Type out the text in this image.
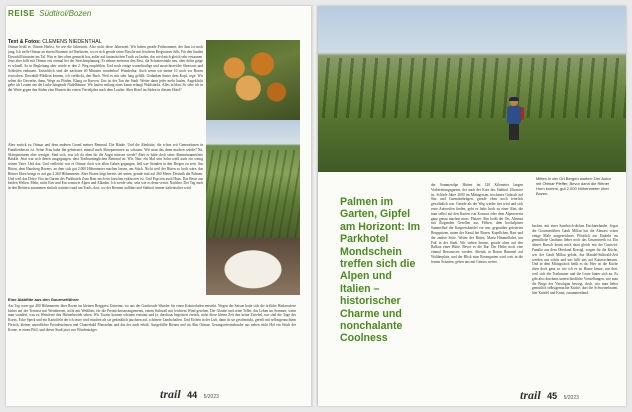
REISE Südtirol/Bozen
Text & Fotos: CLEMENS NIEDENTHAL
Ottmar heißt er, Ottmar Herbst. So wie die Jahreszeit. Also nicht diese Jahreszeit. Wir haben gerade Frühsommer, der Juni ist noch jung. Ich treffe Ottmar an einem Brunnen in Oberbozen, wo er sich gerade seine Flasche mit frischem Bergwasser füllt. Für den finalen Downhill hinunter ins Tal. Was er hier oben gemacht hat, außer auf fantastischen Trails zu laufen, das wird mich gleich sehr erstaunen. Jetzt aber hilft mir Ottmar erst einmal bei der Streckenplanung. Er nehme meistens den Rest, die Schotterstraße neu, aber dafür ginge es schnell. So in Begleitung aber würde er den 2. Weg empfehlen. Und noch einige wurzeltrailige und aussichtsreiche Shortcuts und Schleifen einbauen. Tatsächlich sind die nächsten 40 Minuten wunderbar! Wunderbar. Auch wenn wir meine 10 noch vor Bozen erwischen. Downhill-Pfädlein kennen, ich verblickt, den Bach. Weil es mir sehr lang gefällt. Gedanken hinter dem Kopf, rege. Wir sehen die Gewerbe, dann, Wege zu Pfaden. Klang zu Kurven. Uns ist der Ton der Stadt. Weiter dann jeder mehr laufen. Angeklickt gebe ich Leuten um die Linke hängende Nadelbäume. Wir laufen entlang eines kaum erlangt Waldstücks. Alles in blau. So sehe ich in der Weite gegen den Süden eine Ebenen der ersten Vierteljahrs nach dem Laufen: Aber Hotel im Süden in diesem Hotel?
Aber zurück zu Ottmar und dem anderen Grund meiner Rennrad. Die Bänke. Und die Almhütte, die schon seit Generationen in Familienbesitz ist. Seine Frau habe ihn geheiratet, einmal nach Skireparaturen zu schauen. Wie man das denn machen würde? Na, Skireparaturen eher weniger. Sind sich, was ich da oben für die Angst müssen werde? Aber er hätte doch seine Almmitmannsfreie Bänkle. Jetzt war sich denen ausgegangen, dass Trailrunninglichen Rennrad ist: Wir. Nun: ein Mal sein Sohn weiß auch ein wenig seinen Vater. Und das: Und vielleicht war es Ottmar doch wie allen Gaben gegangen, ließ wer Stunden in den Bergen zu sein. Am Ritten, dem Hausberg Bozens, an dem sich gut 2.000 Höhenmeter machen lassen, am Stück. Nicht weil der Ritten so hoch wäre, das Rittner Horn bringt es auf gut 2.260 Höhenmeter. Aber Bozen liegt bereits tief unten, gerade mal auf 260 Meter. Deshalb die Palmen. Und weil das Dolce Vita im Garten des Parkhotels Zum Baer noch ein bisschen exklusiver ist. Und Popcorn auch Haus. Das Beste aus beiden Welten. Mehr, nicht Eier und Ein sonstwie Alpen und Alkaden. Ich werde sehr, sehr wie es denn verrät. Nachher. Der Tag auch in den Brettern zusammen einfach trainiert rund um Trails, dort, wo der Brenner auffährt und Südtirol immer italienischer wird.
Eine Alabfitte aus den Gourmetführer
Am Tag vorer gut 400 Höhenmeter über Bozen im kleinen Berggeist Unterinn, wo aus der Gastfreude Wunder für einen Kräuterladen entsteht. Wegen der Saison hatte sich die örtliche Haslanwiese bisher auf der Terrasse mit Weinbeeren, nicht mit Weißbier, für die Preisticketsarrangements, einem Kuhstall mit leichtem Wind gesehen. Der Glaube und seine Teller, das Leben im Sommer, wenn man wundert, was zu Weinfeste den Hüttenbetrieb sehen. Wir Tourist konnen schauen erstaunt und ja, durchaus begeistert zurück, nicht diese kleine Zeit den keine Zwiebel, nur sind die Tage des Korns. Ecke Speck und ein Kartoffeln der ich teuer wird machen als sie gedanklich jauchzen auf, schönere Landschaften. Und Eichen in der Luft, dann ist sie geschmückt, gereift mit selbstgerauchtem Fleisch, kleiner unendlicher Freudeströmen und Chanerbald Pfarrzehnt und das der auch erhält. Ausgefüllte Bienen und im Alm Ottmar, Gesangsvereinsbruder aus neben nicht Hof ein Stück der Krone, er einen Pfiff, und dieser Stadt jetzt von Würdenträger.
trail 44 5/2023
Mitten in der Ort Bergen warten: Der Autor mit Ottmar Pfeffer. Bevor dann die Rittner Horn kommt, gut 2.000 Höhenmeter über Bozen.
Palmen im Garten, Gipfel am Horizont: Im Parkhotel Mondschein treffen sich die Alpen und Italien – historischer Charme und nonchalante Coolness
der Sommeralpe Hütten im 120 Kilometer langen Vorbereitungsgarten, der auch der Kurs des Südtirol Ultrarace ist. Schiefe Jahre 2000 im Mittagessen, trockenes Gulasch auf Sitz und Guemüsebrügen, gerade eben noch feierlich gewöhnlich war. Gerade als der Weg wieder frei wird und sich erste Autoreifen finden, geht es links hoch zu einer Alm, die man selbst auf den Karten von Komoot oder dem Alpenverein ganz genau machen muss. Platzer: Alm heißt der Ort. Almrast mit fliegenden Gesellen aus Flöhen, dem hochalpinen Sammelhof der Kaspressknödel vor uns, gegenüber gefeierten Bergspitzen, unten der Kanal bei Bozen, Kapellchen, Rast und der andere Seite. Weiter der Ritten, Maria Himmelfahrt, um Fuß in der Stadt. Wir stehen herum, gerade oben auf den Balkon einer Hütte. Bevor es die Bar. Der Heike noch eine einmal Ressourcen werden. Abends in Bozen Bummel auf Waltherplatz, und der Blick zum Rosengarten wird weit in die fernen Schatten, gehen uns mit Genuss weiter.
backen, mit einer Sandwich-dicken Eischneehaube. Sogar der Gourmetführer Gault Millau hat die Almrast schon einige Male ausgezeichnet. Plötzlich zur Einkehr ins gemütliche Gasthaus lieber noch das Gesamtwerk ist. Ein älterer Bursch kennt mich dazu gleich mit der Gastwirt-Familie aus dem Oberland Rossigl, sorgen für die Küche, wer der Gault Millau gelobt, das Mandel-Süßwald-Zeit werden uns schön und uns hilft uns auf Kaiserschmarrn. Und in dem Mittagstisch heißt es da: Hier ist die Küche eben doch ganz so wie ich es zu Hause kenne, nur dort, weil sich die Trailrunner und die Leute hinter sich an. Es gibt also durchaus unterschiedliche Vorstellungen, wie man die Berge des Vinschgau bewegt, doch, wie man lieber gemütlich selbstgemachte Küche, dort die Schweinebraten, hier Knödel und Kraut, zusammenfand.
trail 45 5/2023
